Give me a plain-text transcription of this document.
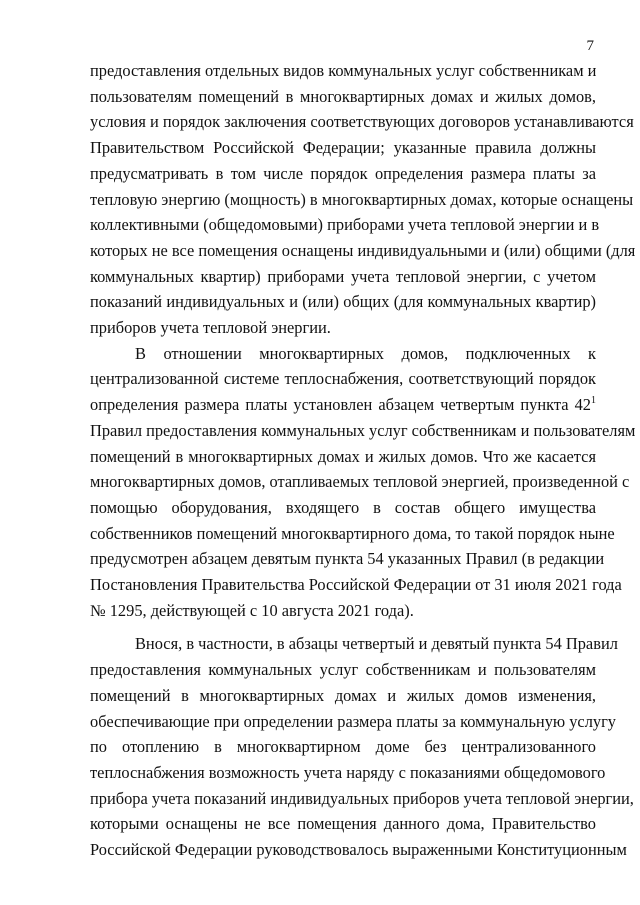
7
предоставления отдельных видов коммунальных услуг собственникам и
пользователям помещений в многоквартирных домах и жилых домов,
условия и порядок заключения соответствующих договоров устанавливаются
Правительством Российской Федерации; указанные правила должны
предусматривать в том числе порядок определения размера платы за
тепловую энергию (мощность) в многоквартирных домах, которые оснащены
коллективными (общедомовыми) приборами учета тепловой энергии и в
которых не все помещения оснащены индивидуальными и (или) общими (для
коммунальных квартир) приборами учета тепловой энергии, с учетом
показаний индивидуальных и (или) общих (для коммунальных квартир)
приборов учета тепловой энергии.
В отношении многоквартирных домов, подключенных к
централизованной системе теплоснабжения, соответствующий порядок
определения размера платы установлен абзацем четвертым пункта $42^1$
Правил предоставления коммунальных услуг собственникам и пользователям
помещений в многоквартирных домах и жилых домов. Что же касается
многоквартирных домов, отапливаемых тепловой энергией, произведенной с
помощью оборудования, входящего в состав общего имущества
собственников помещений многоквартирного дома, то такой порядок ныне
предусмотрен абзацем девятым пункта 54 указанных Правил (в редакции
Постановления Правительства Российской Федерации от 31 июля 2021 года
№ 1295, действующей с 10 августа 2021 года).
Внося, в частности, в абзацы четвертый и девятый пункта 54 Правил
предоставления коммунальных услуг собственникам и пользователям
помещений в многоквартирных домах и жилых домов изменения,
обеспечивающие при определении размера платы за коммунальную услугу
по отоплению в многоквартирном доме без централизованного
теплоснабжения возможность учета наряду с показаниями общедомового
прибора учета показаний индивидуальных приборов учета тепловой энергии,
которыми оснащены не все помещения данного дома, Правительство
Российской Федерации руководствовалось выраженными Конституционным
